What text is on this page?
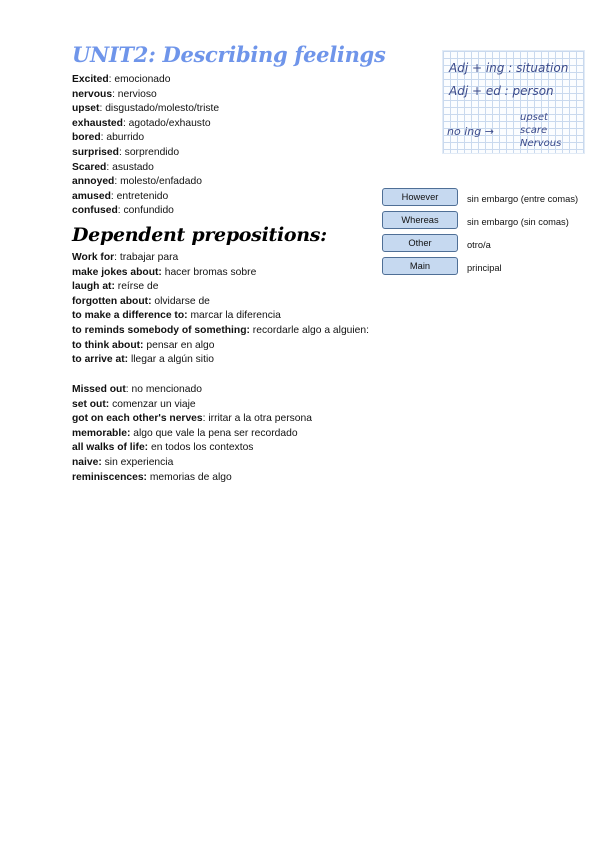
UNIT2: Describing feelings
Excited: emocionado
nervous: nervioso
upset: disgustado/molesto/triste
exhausted: agotado/exhausto
bored: aburrido
surprised: sorprendido
Scared: asustado
annoyed: molesto/enfadado
amused: entretenido
confused: confundido
Adj + ing : situation
Adj + ed : person
no ing →
upset
scare
Nervous
However	sin embargo (entre comas)
Whereas	sin embargo (sin comas)
Other	otro/a
Main	principal
Dependent prepositions:
Work for: trabajar para
make jokes about: hacer bromas sobre
laugh at: reírse de
forgotten about: olvidarse de
to make a difference to: marcar la diferencia
to reminds somebody of something: recordarle algo a alguien:
to think about: pensar en algo
to arrive at: llegar a algún sitio
Missed out: no mencionado
set out: comenzar un viaje
got on each other's nerves: irritar a la otra persona
memorable: algo que vale la pena ser recordado
all walks of life: en todos los contextos
naive: sin experiencia
reminiscences: memorias de algo
